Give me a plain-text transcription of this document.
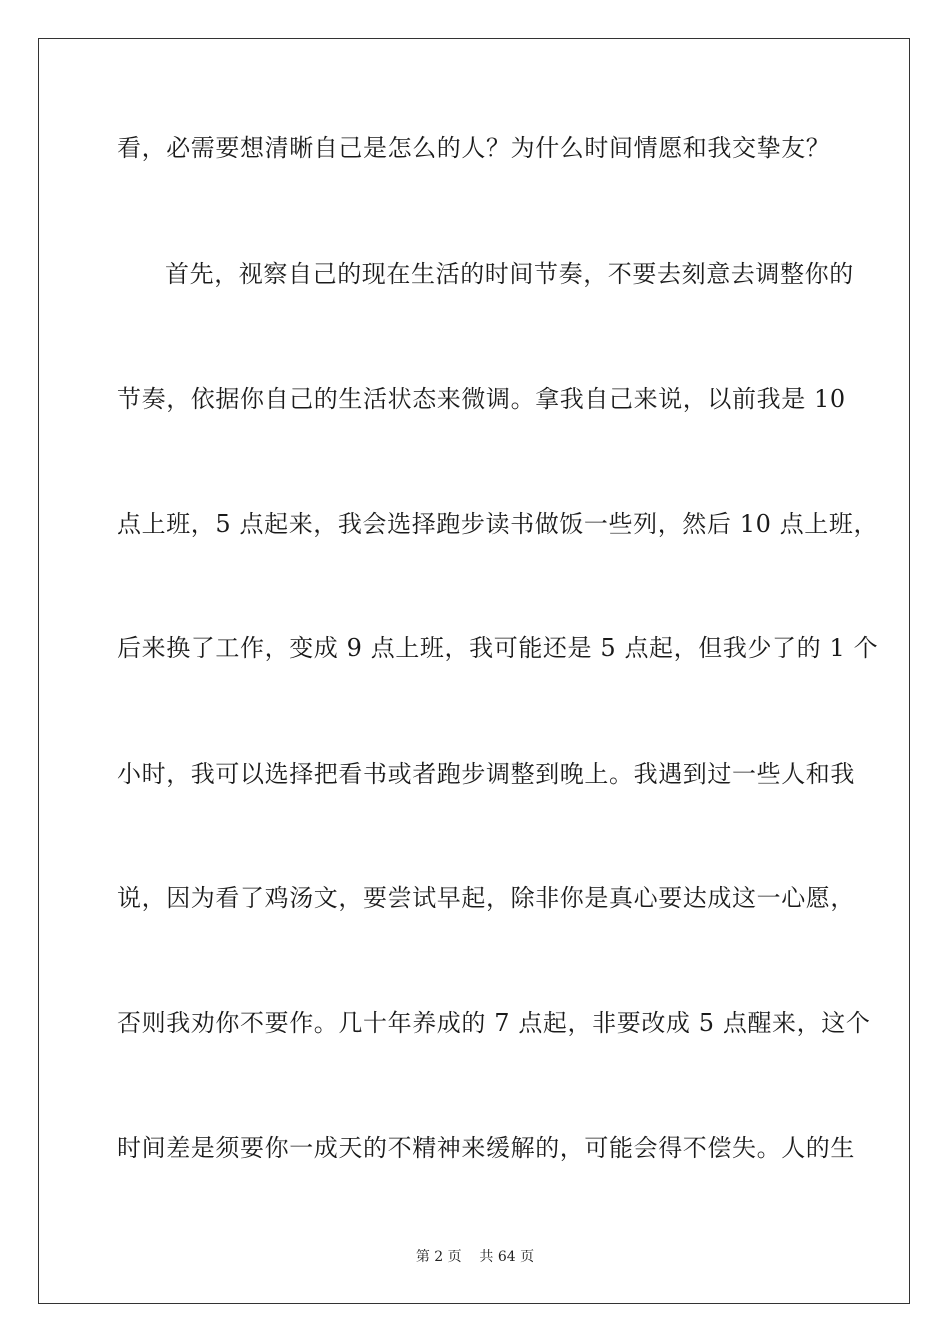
看，必需要想清晰自己是怎么的人？为什么时间情愿和我交挚友？
首先，视察自己的现在生活的时间节奏，不要去刻意去调整你的
节奏，依据你自己的生活状态来微调。拿我自己来说，以前我是 10
点上班，5 点起来，我会选择跑步读书做饭一些列，然后 10 点上班，
后来换了工作，变成 9 点上班，我可能还是 5 点起，但我少了的 1 个
小时，我可以选择把看书或者跑步调整到晚上。我遇到过一些人和我
说，因为看了鸡汤文，要尝试早起，除非你是真心要达成这一心愿，
否则我劝你不要作。几十年养成的 7 点起，非要改成 5 点醒来，这个
时间差是须要你一成天的不精神来缓解的，可能会得不偿失。人的生
第 2 页    共 64 页
